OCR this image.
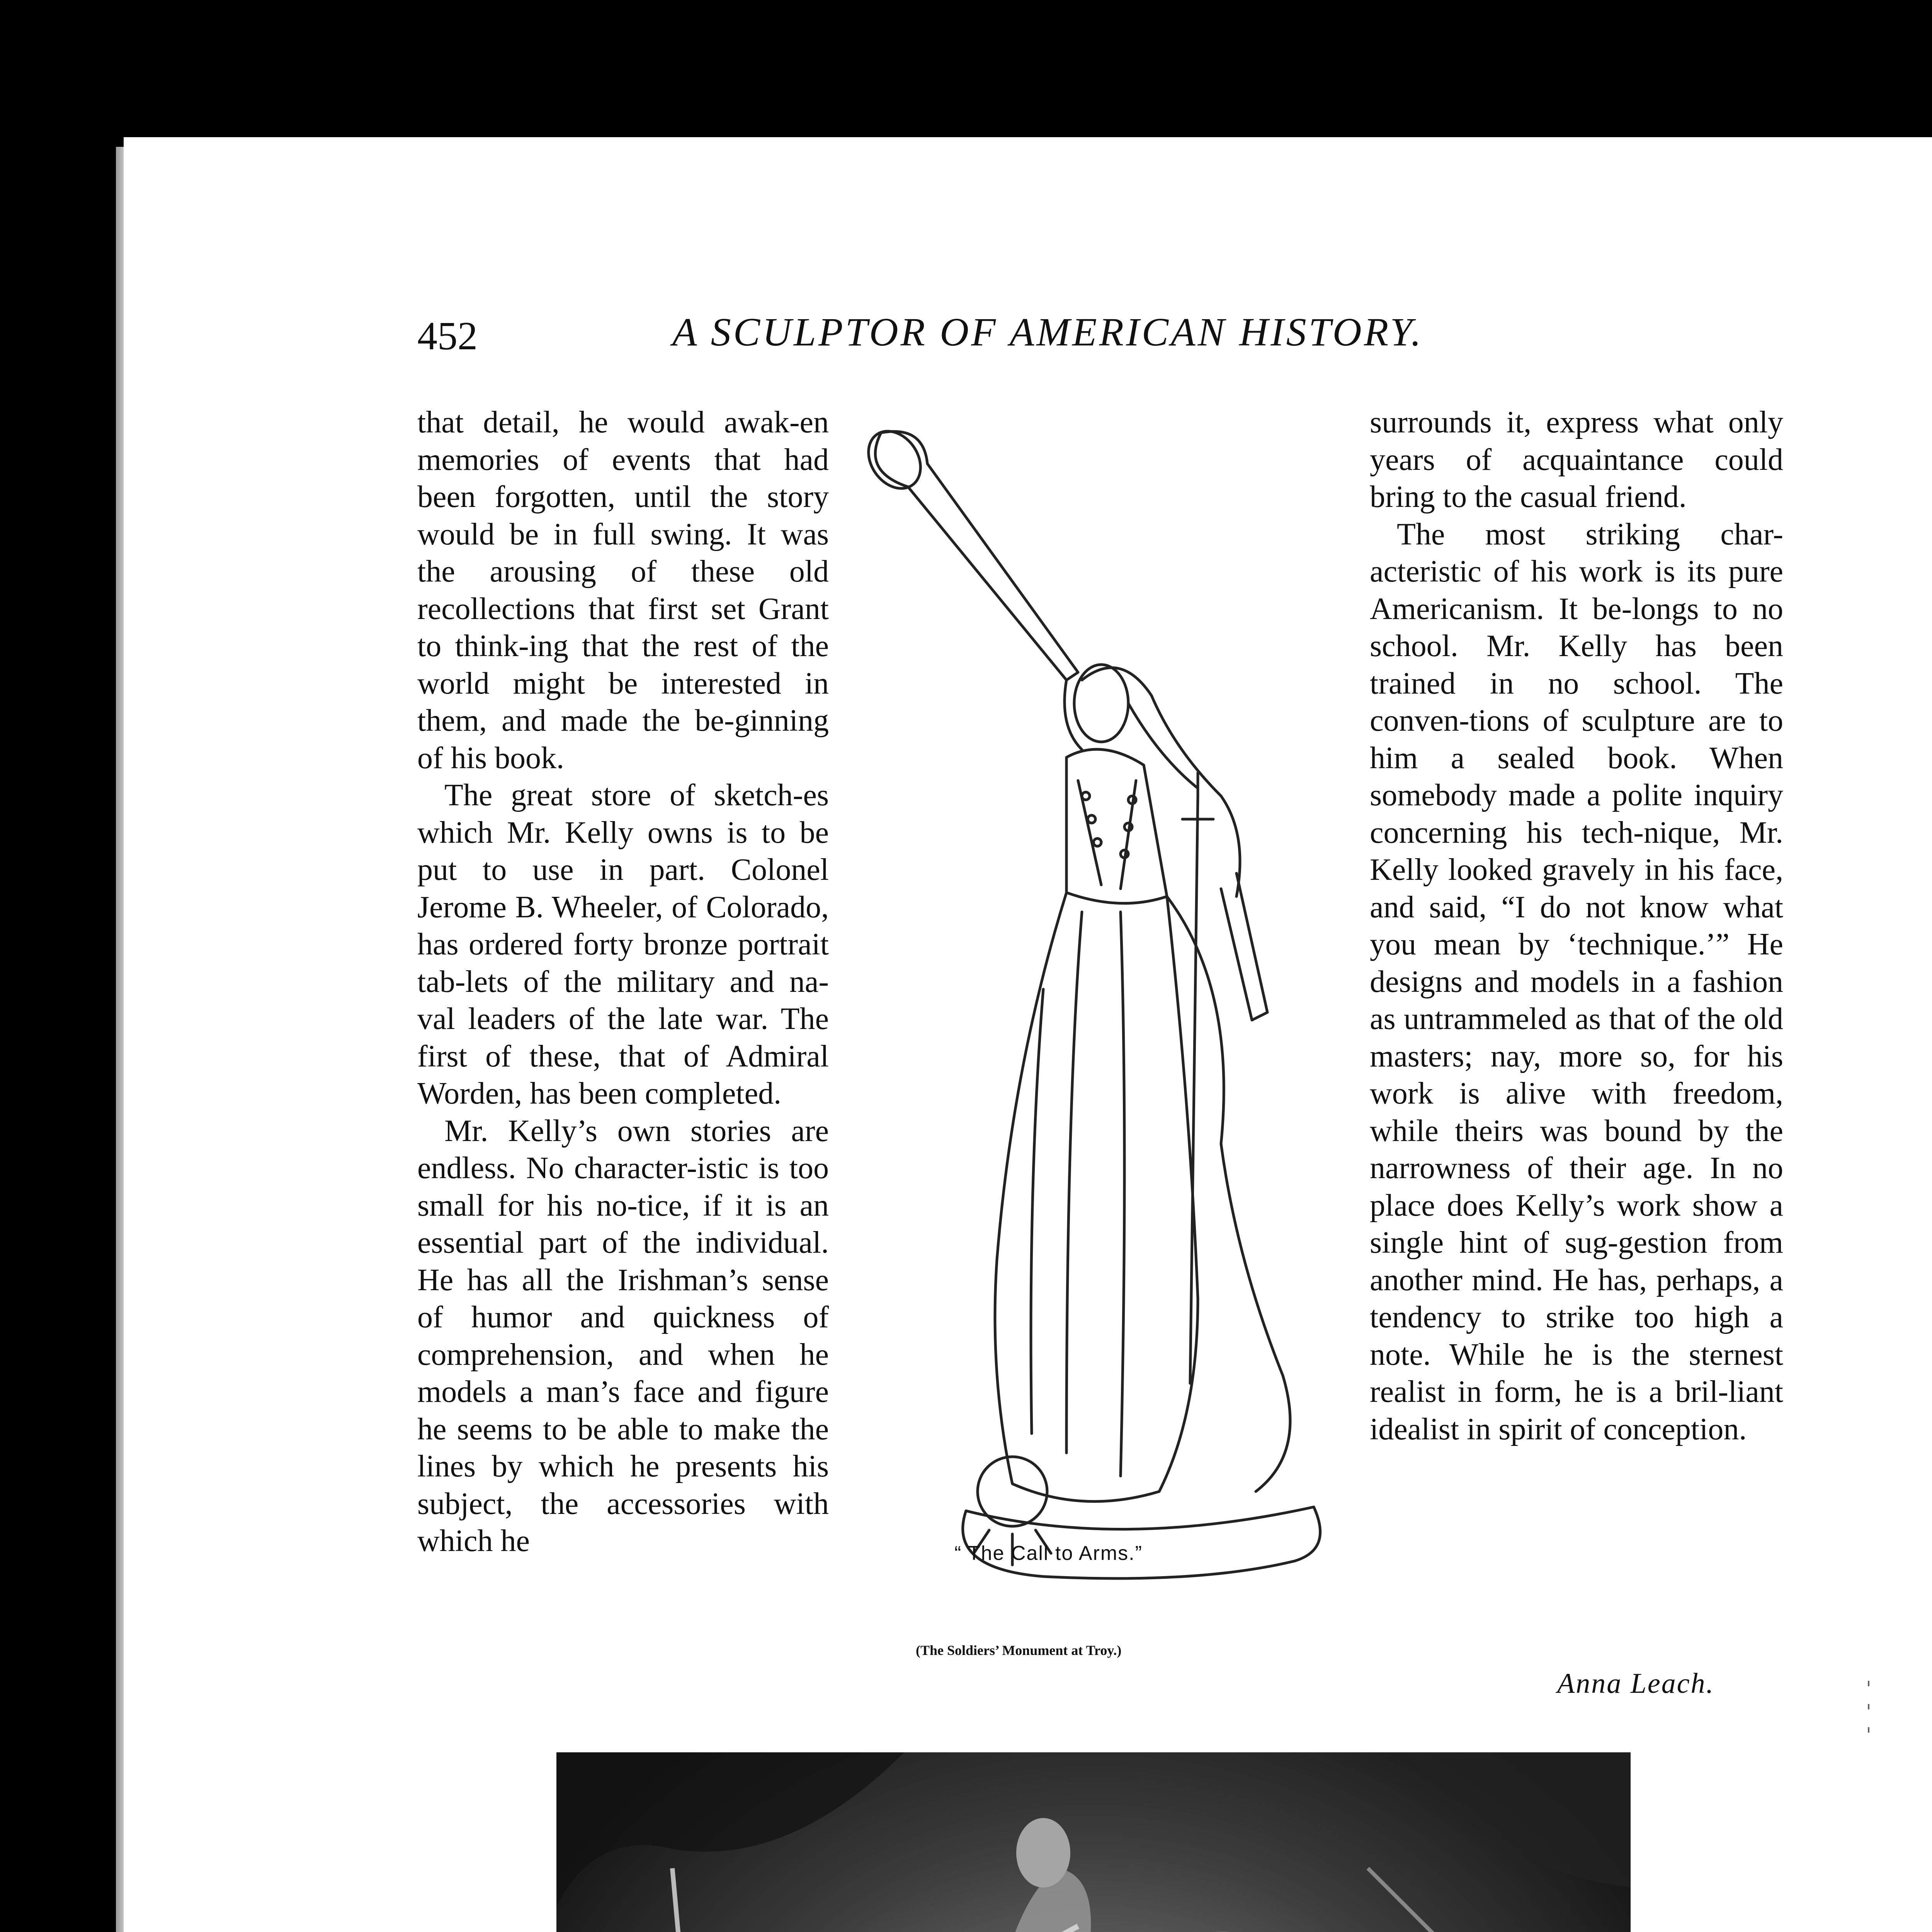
452	A SCULPTOR OF AMERICAN HISTORY.

that detail, he would awak-en memories of events that had been forgotten, until the story would be in full swing. It was the arousing of these old recollections that first set Grant to think-ing that the rest of the world might be interested in them, and made the be-ginning of his book.

The great store of sketch-es which Mr. Kelly owns is to be put to use in part. Colonel Jerome B. Wheeler, of Colorado, has ordered forty bronze portrait tab-lets of the military and na-val leaders of the late war. The first of these, that of Admiral Worden, has been completed.

Mr. Kelly’s own stories are endless. No character-istic is too small for his no-tice, if it is an essential part of the individual. He has all the Irishman’s sense of humor and quickness of comprehension, and when he models a man’s face and figure he seems to be able to make the lines by which he presents his subject, the accessories with which he

surrounds it, express what only years of acquaintance could bring to the casual friend.

The most striking char-acteristic of his work is its pure Americanism. It be-longs to no school. Mr. Kelly has been trained in no school. The conven-tions of sculpture are to him a sealed book. When somebody made a polite inquiry concerning his tech-nique, Mr. Kelly looked gravely in his face, and said, “I do not know what you mean by ‘technique.’” He designs and models in a fashion as untrammeled as that of the old masters; nay, more so, for his work is alive with freedom, while theirs was bound by the narrowness of their age. In no place does Kelly’s work show a single hint of sug-gestion from another mind. He has, perhaps, a tendency to strike too high a note. While he is the sternest realist in form, he is a bril-liant idealist in spirit of conception.

Anna Leach.
“ The Call to Arms.”
(The Soldiers’ Monument at Troy.)
